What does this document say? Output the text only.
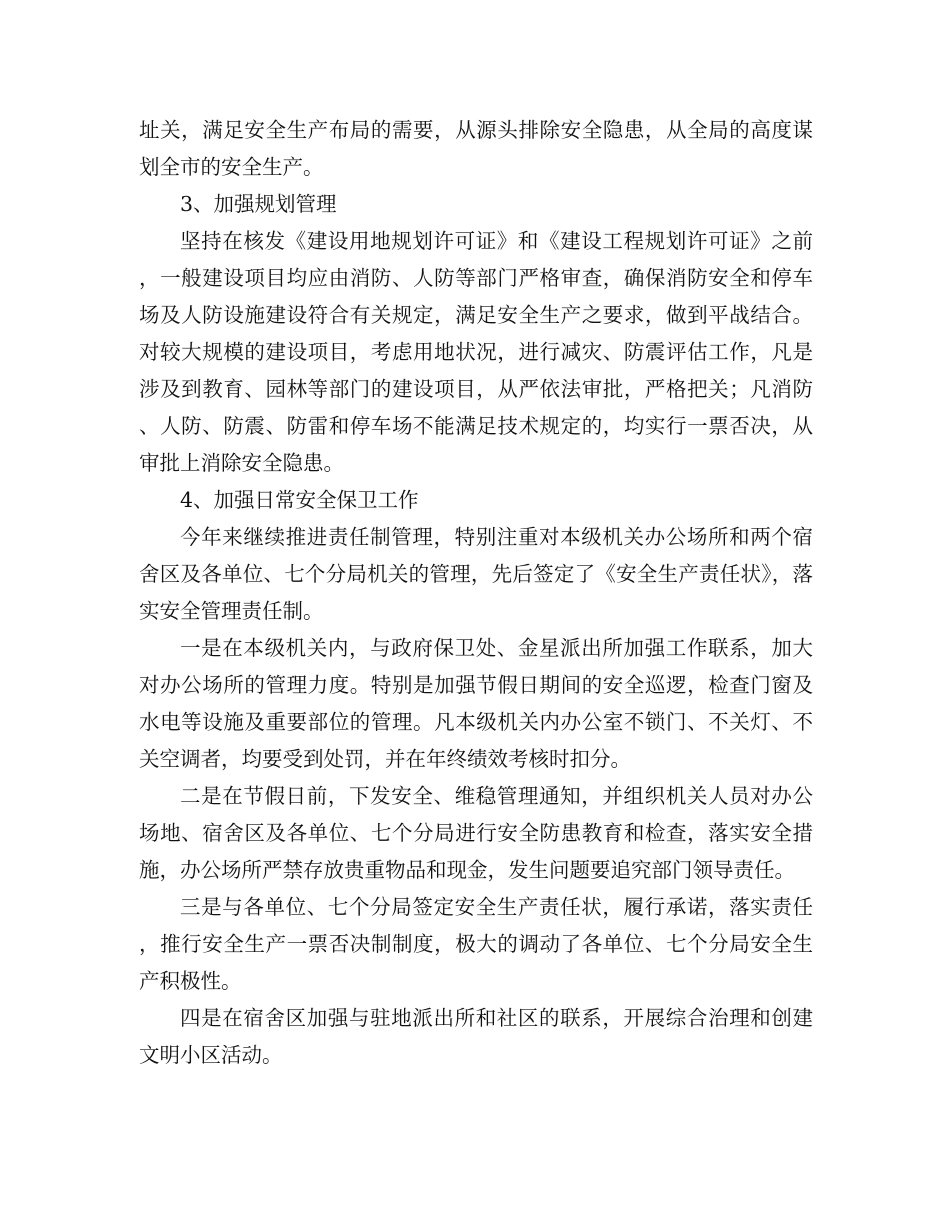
址关，满足安全生产布局的需要，从源头排除安全隐患，从全局的高度谋划全市的安全生产。

3、加强规划管理

坚持在核发《建设用地规划许可证》和《建设工程规划许可证》之前，一般建设项目均应由消防、人防等部门严格审查，确保消防安全和停车场及人防设施建设符合有关规定，满足安全生产之要求，做到平战结合。对较大规模的建设项目，考虑用地状况，进行减灾、防震评估工作，凡是涉及到教育、园林等部门的建设项目，从严依法审批，严格把关；凡消防、人防、防震、防雷和停车场不能满足技术规定的，均实行一票否决，从审批上消除安全隐患。

4、加强日常安全保卫工作

今年来继续推进责任制管理，特别注重对本级机关办公场所和两个宿舍区及各单位、七个分局机关的管理，先后签定了《安全生产责任状》，落实安全管理责任制。

一是在本级机关内，与政府保卫处、金星派出所加强工作联系，加大对办公场所的管理力度。特别是加强节假日期间的安全巡逻，检查门窗及水电等设施及重要部位的管理。凡本级机关内办公室不锁门、不关灯、不关空调者，均要受到处罚，并在年终绩效考核时扣分。

二是在节假日前，下发安全、维稳管理通知，并组织机关人员对办公场地、宿舍区及各单位、七个分局进行安全防患教育和检查，落实安全措施，办公场所严禁存放贵重物品和现金，发生问题要追究部门领导责任。

三是与各单位、七个分局签定安全生产责任状，履行承诺，落实责任，推行安全生产一票否决制制度，极大的调动了各单位、七个分局安全生产积极性。

四是在宿舍区加强与驻地派出所和社区的联系，开展综合治理和创建文明小区活动。
